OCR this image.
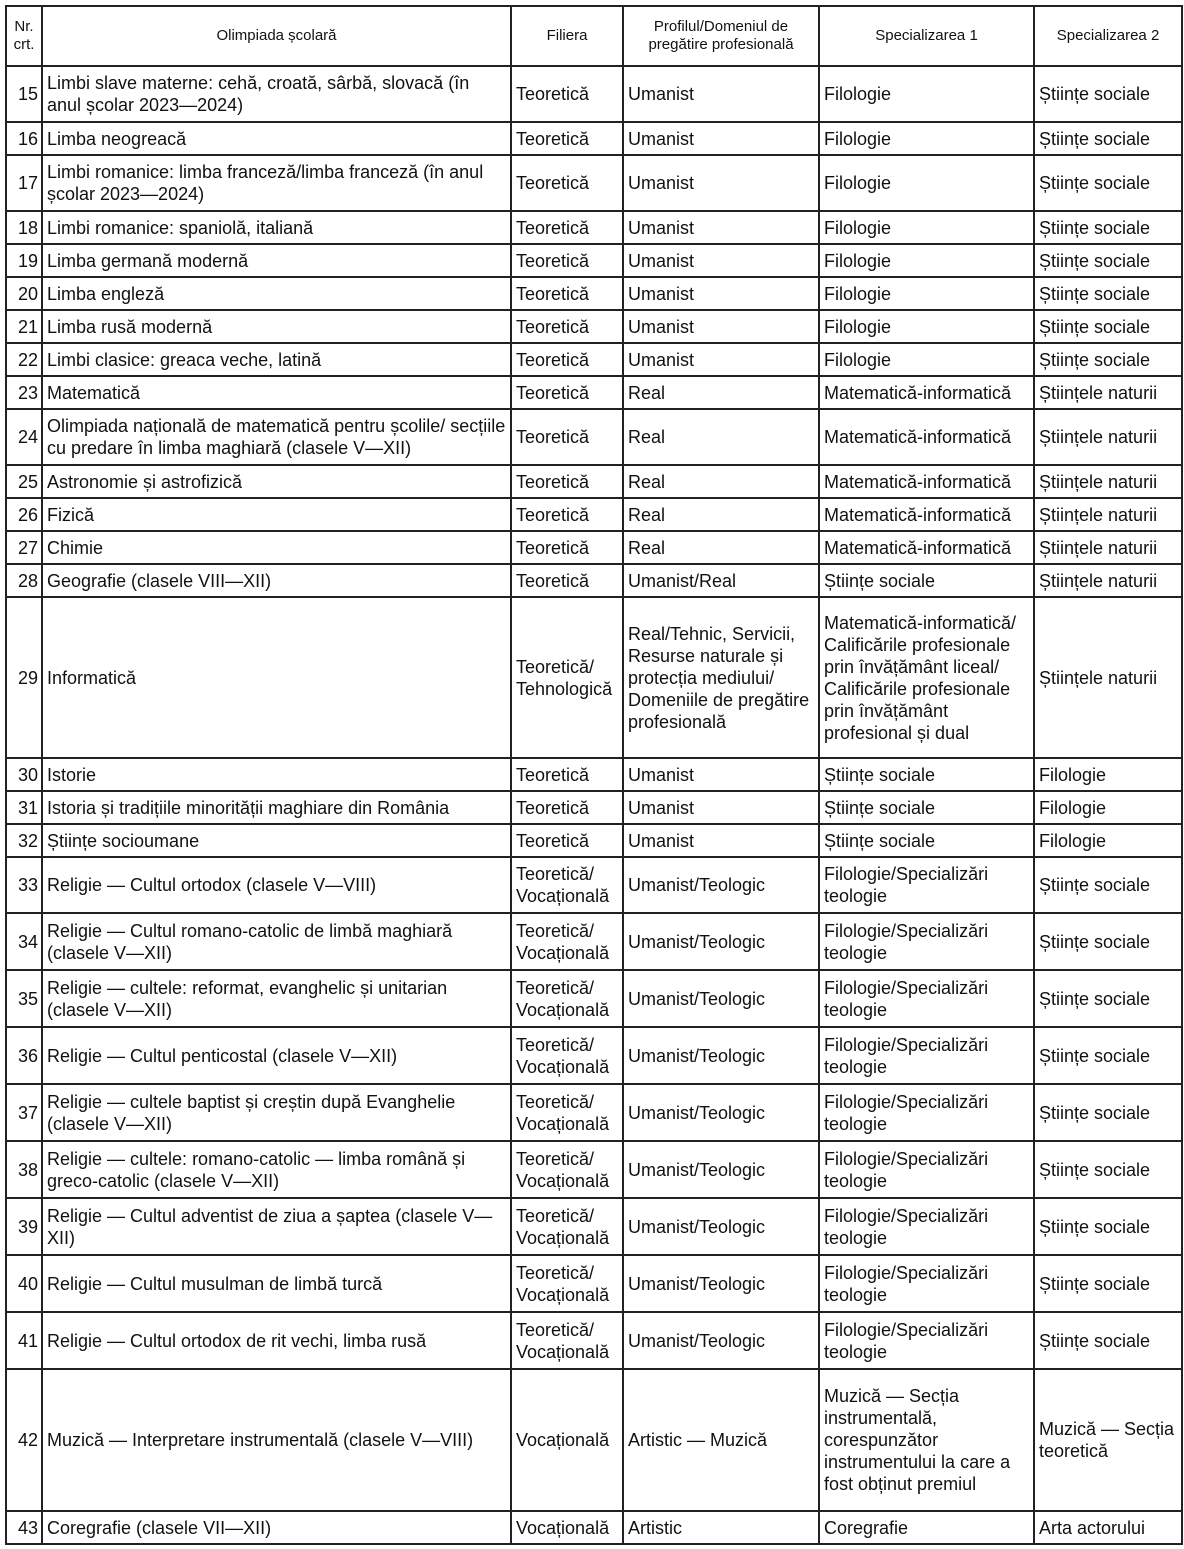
Nr. crt.	Olimpiada școlară	Filiera	Profilul/Domeniul de pregătire profesională	Specializarea 1	Specializarea 2
15	Limbi slave materne: cehă, croată, sârbă, slovacă (în anul școlar 2023—2024)	Teoretică	Umanist	Filologie	Științe sociale
16	Limba neogreacă	Teoretică	Umanist	Filologie	Științe sociale
17	Limbi romanice: limba franceză/limba franceză (în anul școlar 2023—2024)	Teoretică	Umanist	Filologie	Științe sociale
18	Limbi romanice: spaniolă, italiană	Teoretică	Umanist	Filologie	Științe sociale
19	Limba germană modernă	Teoretică	Umanist	Filologie	Științe sociale
20	Limba engleză	Teoretică	Umanist	Filologie	Științe sociale
21	Limba rusă modernă	Teoretică	Umanist	Filologie	Științe sociale
22	Limbi clasice: greaca veche, latină	Teoretică	Umanist	Filologie	Științe sociale
23	Matematică	Teoretică	Real	Matematică-informatică	Științele naturii
24	Olimpiada națională de matematică pentru școlile/ secțiile cu predare în limba maghiară (clasele V—XII)	Teoretică	Real	Matematică-informatică	Științele naturii
25	Astronomie și astrofizică	Teoretică	Real	Matematică-informatică	Științele naturii
26	Fizică	Teoretică	Real	Matematică-informatică	Științele naturii
27	Chimie	Teoretică	Real	Matematică-informatică	Științele naturii
28	Geografie (clasele VIII—XII)	Teoretică	Umanist/Real	Științe sociale	Științele naturii
29	Informatică	Teoretică/ Tehnologică	Real/Tehnic, Servicii, Resurse naturale și protecția mediului/ Domeniile de pregătire profesională	Matematică-informatică/ Calificările profesionale prin învățământ liceal/ Calificările profesionale prin învățământ profesional și dual	Științele naturii
30	Istorie	Teoretică	Umanist	Științe sociale	Filologie
31	Istoria și tradițiile minorității maghiare din România	Teoretică	Umanist	Științe sociale	Filologie
32	Științe socioumane	Teoretică	Umanist	Științe sociale	Filologie
33	Religie — Cultul ortodox (clasele V—VIII)	Teoretică/ Vocațională	Umanist/Teologic	Filologie/Specializări teologie	Științe sociale
34	Religie — Cultul romano-catolic de limbă maghiară (clasele V—XII)	Teoretică/ Vocațională	Umanist/Teologic	Filologie/Specializări teologie	Științe sociale
35	Religie — cultele: reformat, evanghelic și unitarian (clasele V—XII)	Teoretică/ Vocațională	Umanist/Teologic	Filologie/Specializări teologie	Științe sociale
36	Religie — Cultul penticostal (clasele V—XII)	Teoretică/ Vocațională	Umanist/Teologic	Filologie/Specializări teologie	Științe sociale
37	Religie — cultele baptist și creștin după Evanghelie (clasele V—XII)	Teoretică/ Vocațională	Umanist/Teologic	Filologie/Specializări teologie	Științe sociale
38	Religie — cultele: romano-catolic — limba română și greco-catolic (clasele V—XII)	Teoretică/ Vocațională	Umanist/Teologic	Filologie/Specializări teologie	Științe sociale
39	Religie — Cultul adventist de ziua a șaptea (clasele V—XII)	Teoretică/ Vocațională	Umanist/Teologic	Filologie/Specializări teologie	Științe sociale
40	Religie — Cultul musulman de limbă turcă	Teoretică/ Vocațională	Umanist/Teologic	Filologie/Specializări teologie	Științe sociale
41	Religie — Cultul ortodox de rit vechi, limba rusă	Teoretică/ Vocațională	Umanist/Teologic	Filologie/Specializări teologie	Științe sociale
42	Muzică — Interpretare instrumentală (clasele V—VIII)	Vocațională	Artistic — Muzică	Muzică — Secția instrumentală, corespunzător instrumentului la care a fost obținut premiul	Muzică — Secția teoretică
43	Coregrafie (clasele VII—XII)	Vocațională	Artistic	Coregrafie	Arta actorului
